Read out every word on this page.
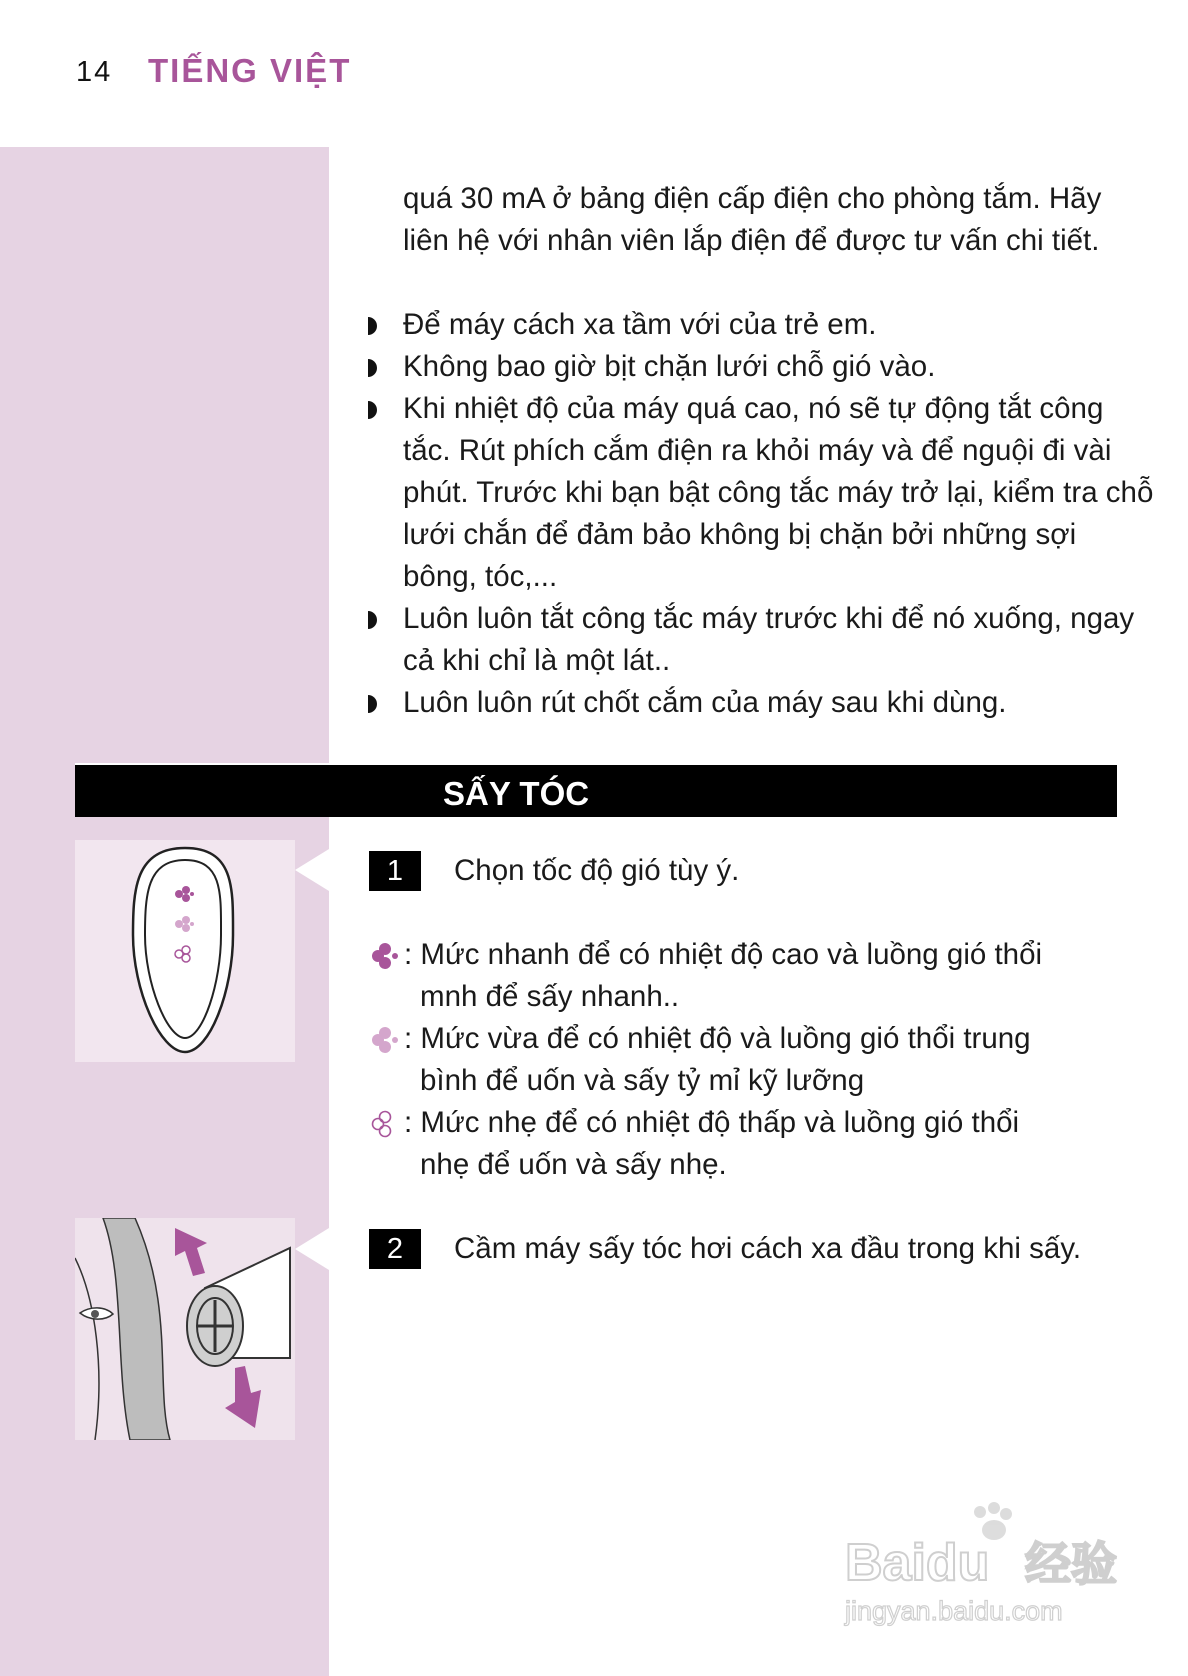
14 TIẾNG VIỆT
quá 30 mA ở bảng điện cấp điện cho phòng tắm. Hãy liên hệ với nhân viên lắp điện để được tư vấn chi tiết.
Để máy cách xa tầm với của trẻ em.
Không bao giờ bịt chặn lưới chỗ gió vào.
Khi nhiệt độ của máy quá cao, nó sẽ tự động tắt công tắc. Rút phích cắm điện ra khỏi máy và để nguội đi vài phút. Trước khi bạn bật công tắc máy trở lại, kiểm tra chỗ lưới chắn để đảm bảo không bị chặn bởi những sợi bông, tóc,...
Luôn luôn tắt công tắc máy trước khi để nó xuống, ngay cả khi chỉ là một lát..
Luôn luôn rút chốt cắm của máy sau khi dùng.
SẤY TÓC
1	Chọn tốc độ gió tùy ý.
: Mức nhanh để có nhiệt độ cao và luồng gió thổi
mnh để sấy nhanh..
: Mức vừa để có nhiệt độ và luồng gió thổi trung
bình để uốn và sấy tỷ mỉ kỹ lưỡng
: Mức nhẹ để có nhiệt độ thấp và luồng gió thổi
nhẹ để uốn và sấy nhẹ.
2	Cầm máy sấy tóc hơi cách xa đầu trong khi sấy.
Baidu 经验
jingyan.baidu.com
